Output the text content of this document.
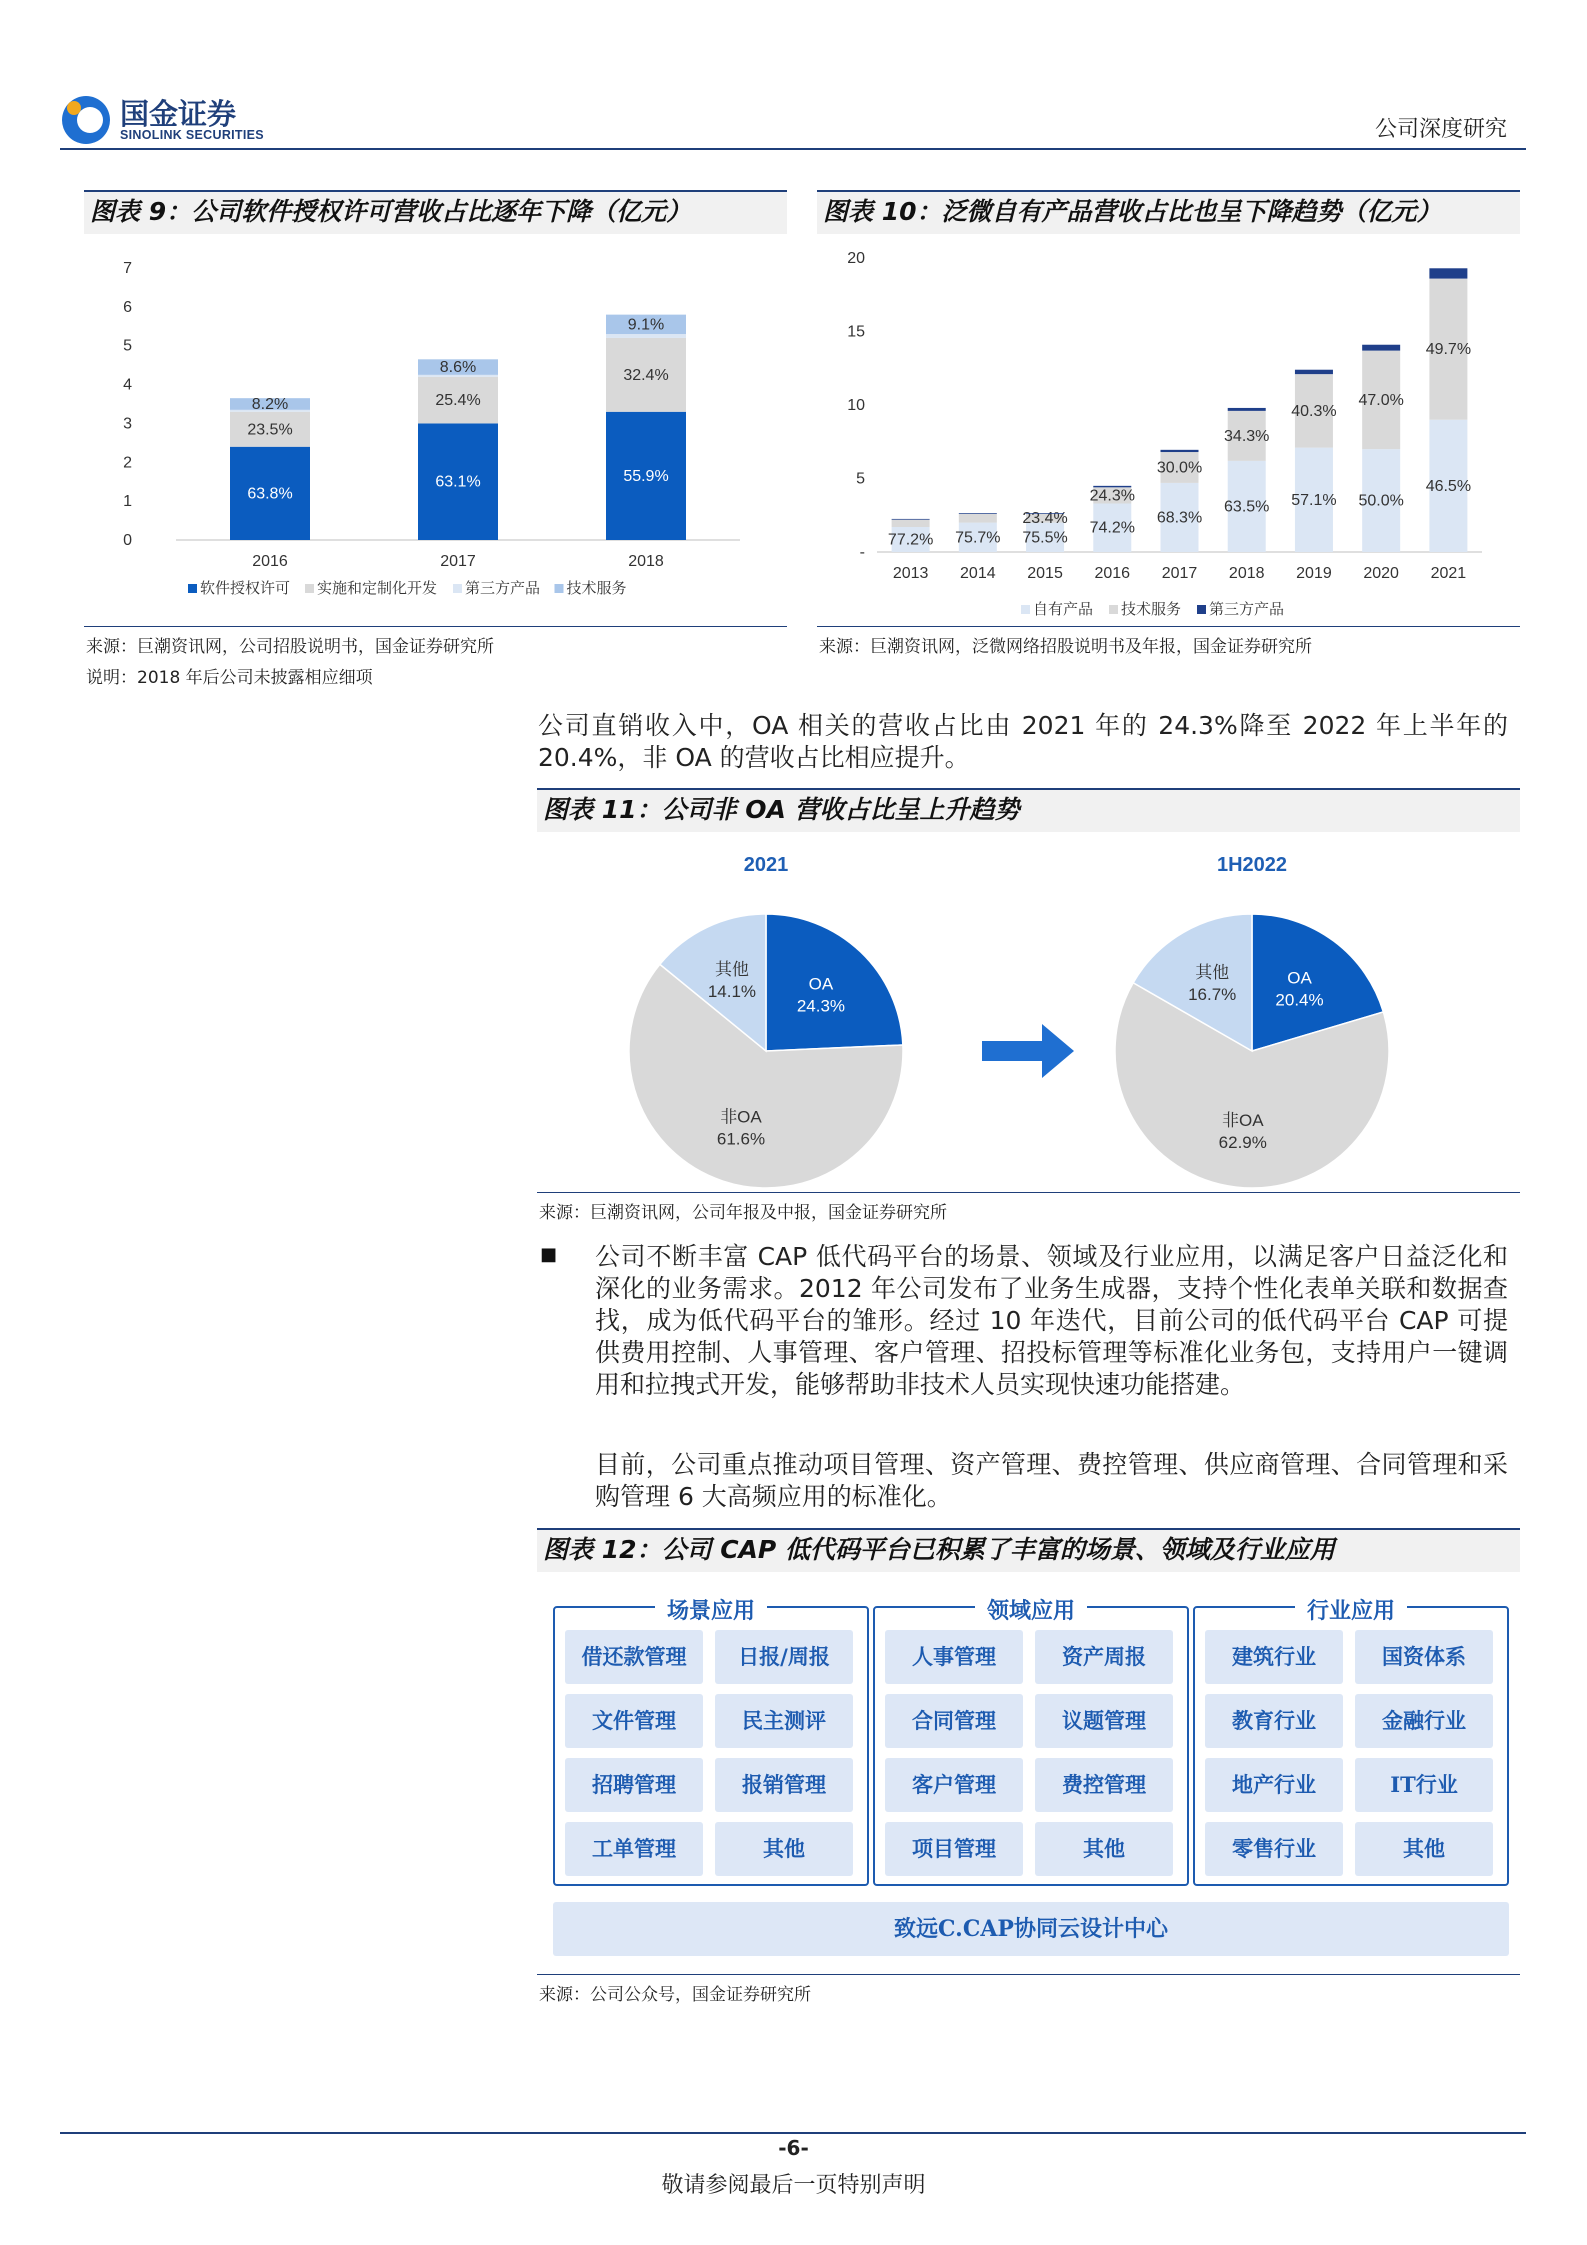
国金证券
SINOLINK SECURITIES	公司深度研究
图表 9：公司软件授权许可营收占比逐年下降（亿元）
0
1
2
3
4
5
6
7
63.8%
23.5%
8.2%
2016
63.1%
25.4%
8.6%
2017
55.9%
32.4%
9.1%
2018
软件授权许可 实施和定制化开发 第三方产品 技术服务
来源：巨潮资讯网，公司招股说明书，国金证券研究所
说明：2018 年后公司未披露相应细项
图表 10：泛微自有产品营收占比也呈下降趋势（亿元）
-
5
10
15
20
77.2%
2013
75.7%
2014
75.5%
23.4%
2015
74.2%
24.3%
2016
68.3%
30.0%
2017
63.5%
34.3%
2018
57.1%
40.3%
2019
50.0%
47.0%
2020
46.5%
49.7%
2021
自有产品 技术服务 第三方产品
来源：巨潮资讯网，泛微网络招股说明书及年报，国金证券研究所
公司直销收入中，OA 相关的营收占比由 2021 年的 24.3%降至 2022 年上半年的 20.4%，非 OA 的营收占比相应提升。
图表 11：公司非 OA 营收占比呈上升趋势
2021
OA
24.3%
非OA
61.6%
其他
14.1%
1H2022
OA
20.4%
非OA
62.9%
其他
16.7%
来源：巨潮资讯网，公司年报及中报，国金证券研究所
■ 公司不断丰富 CAP 低代码平台的场景、领域及行业应用，以满足客户日益泛化和深化的业务需求。2012 年公司发布了业务生成器，支持个性化表单关联和数据查找，成为低代码平台的雏形。经过 10 年迭代，目前公司的低代码平台 CAP 可提供费用控制、人事管理、客户管理、招投标管理等标准化业务包，支持用户一键调用和拉拽式开发，能够帮助非技术人员实现快速功能搭建。
目前，公司重点推动项目管理、资产管理、费控管理、供应商管理、合同管理和采购管理 6 大高频应用的标准化。
图表 12：公司 CAP 低代码平台已积累了丰富的场景、领域及行业应用
场景应用
借还款管理	日报/周报
文件管理	民主测评
招聘管理	报销管理
工单管理	其他
领域应用
人事管理	资产周报
合同管理	议题管理
客户管理	费控管理
项目管理	其他
行业应用
建筑行业	国资体系
教育行业	金融行业
地产行业	IT行业
零售行业	其他
致远C.CAP协同云设计中心
来源：公司公众号，国金证券研究所
-6-
敬请参阅最后一页特别声明
